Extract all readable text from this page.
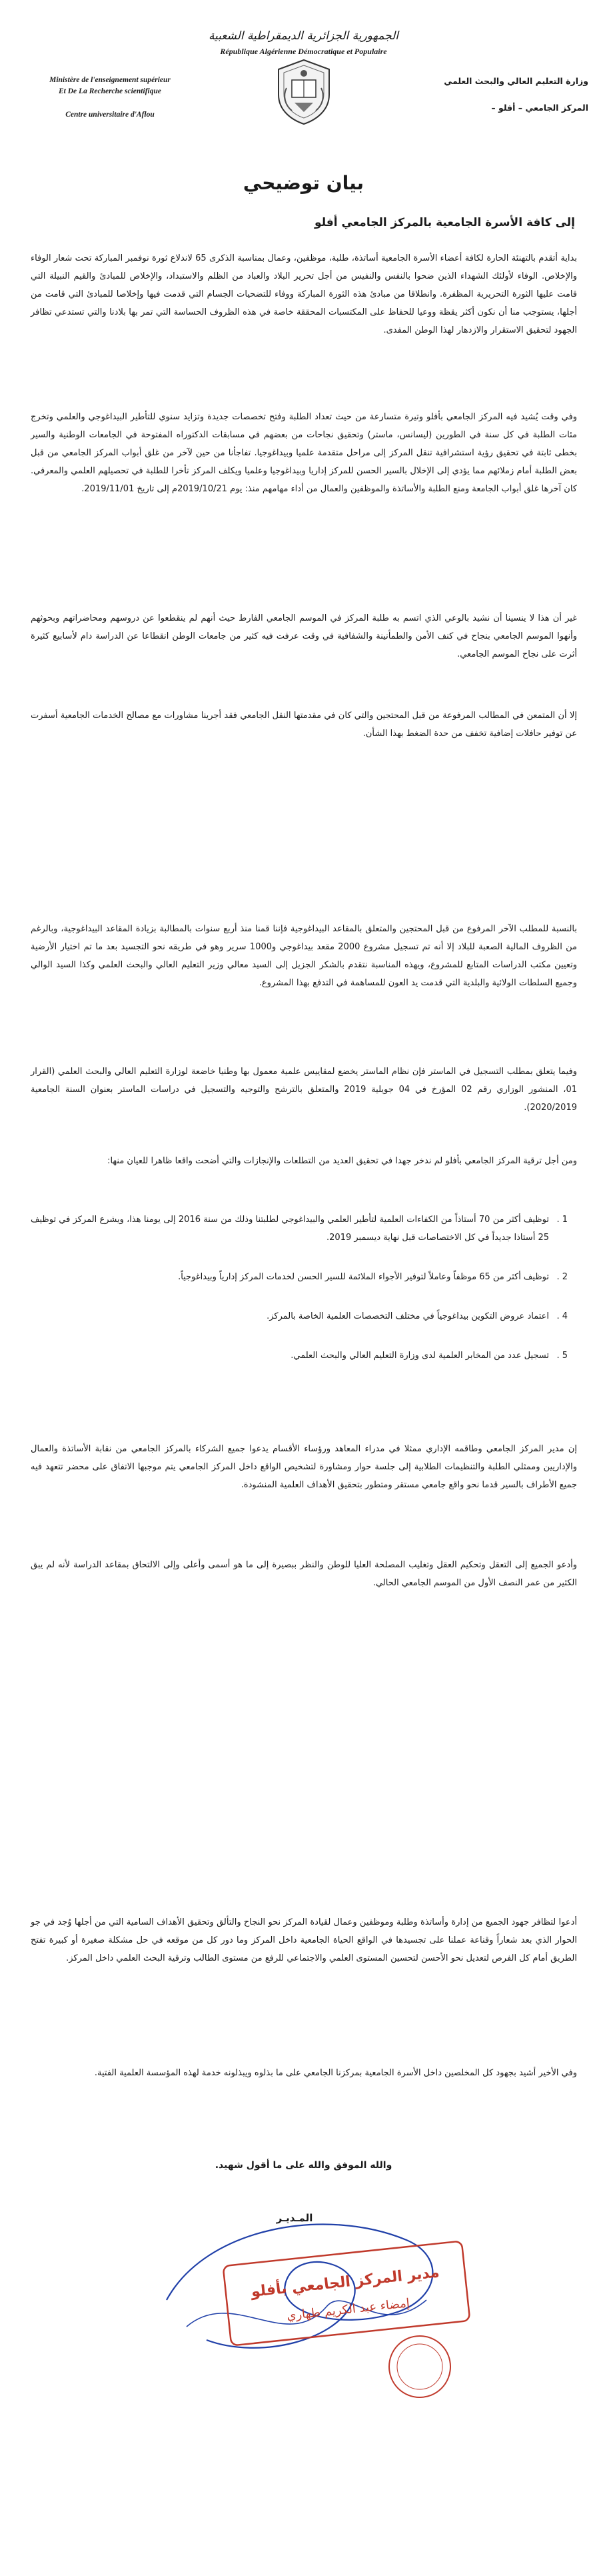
الجمهورية الجزائرية الديمقراطية الشعبية
République Algérienne Démocratique et Populaire
Ministère de l'enseignement supérieur
Et De La Recherche scientifique
Centre universitaire d'Aflou
وزارة التعليم العالي والبحث العلمي
المركز الجامعي – أفلو –
بيان توضيحي
إلى كافة الأسرة الجامعية بالمركز الجامعي أفلو
بداية أتقدم بالتهنئة الحارة لكافة أعضاء الأسرة الجامعية أساتذة، طلبة، موظفين، وعمال بمناسبة الذكرى 65 لاندلاع ثورة نوفمبر المباركة تحت شعار الوفاء والإخلاص. الوفاء لأولئك الشهداء الذين ضحوا بالنفس والنفيس من أجل تحرير البلاد والعباد من الظلم والاستبداد، والإخلاص للمبادئ والقيم النبيلة التي قامت عليها الثورة التحريرية المظفرة. وانطلاقا من مبادئ هذه الثورة المباركة ووفاء للتضحيات الجسام التي قدمت فيها وإخلاصا للمبادئ التي قامت من أجلها، يستوجب منا أن نكون أكثر يقظة ووعيا للحفاظ على المكتسبات المحققة خاصة في هذه الظروف الحساسة التي تمر بها بلادنا والتي تستدعي تظافر الجهود لتحقيق الاستقرار والازدهار لهذا الوطن المفدى.
وفي وقت يُشيد فيه المركز الجامعي بأفلو وتيرة متسارعة من حيث تعداد الطلبة وفتح تخصصات جديدة وتزايد سنوي للتأطير البيداغوجي والعلمي وتخرج مئات الطلبة في كل سنة في الطورين (ليسانس، ماستر) وتحقيق نجاحات من بعضهم في مسابقات الدكتوراه المفتوحة في الجامعات الوطنية والسير بخطى ثابتة في تحقيق رؤية استشرافية تنقل المركز إلى مراحل متقدمة علميا وبيداغوجيا. تفاجأنا من حين لآخر من غلق أبواب المركز الجامعي من قبل بعض الطلبة أمام زملائهم مما يؤدي إلى الإخلال بالسير الحسن للمركز إداريا وبيداغوجيا وعلميا ويكلف المركز تأخرا للطلبة في تحصيلهم العلمي والمعرفي. كان آخرها غلق أبواب الجامعة ومنع الطلبة والأساتذة والموظفين والعمال من أداء مهامهم منذ: يوم 2019/10/21م إلى تاريخ 2019/11/01.
غير أن هذا لا ينسينا أن نشيد بالوعي الذي اتسم به طلبة المركز في الموسم الجامعي الفارط حيث أنهم لم ينقطعوا عن دروسهم ومحاضراتهم وبحوثهم وأنهوا الموسم الجامعي بنجاح في كنف الأمن والطمأنينة والشفافية في وقت عرفت فيه كثير من جامعات الوطن انقطاعا عن الدراسة دام لأسابيع كثيرة أثرت على نجاح الموسم الجامعي.
إلا أن المتمعن في المطالب المرفوعة من قبل المحتجين والتي كان في مقدمتها النقل الجامعي فقد أجرينا مشاورات مع مصالح الخدمات الجامعية أسفرت عن توفير حافلات إضافية تخفف من حدة الضغط بهذا الشأن.
بالنسبة للمطلب الآخر المرفوع من قبل المحتجين والمتعلق بالمقاعد البيداغوجية فإننا قمنا منذ أربع سنوات بالمطالبة بزيادة المقاعد البيداغوجية، وبالرغم من الظروف المالية الصعبة للبلاد إلا أنه تم تسجيل مشروع 2000 مقعد بيداغوجي و1000 سرير وهو في طريقه نحو التجسيد بعد ما تم اختيار الأرضية وتعيين مكتب الدراسات المتابع للمشروع، ويهذه المناسبة نتقدم بالشكر الجزيل إلى السيد معالي وزير التعليم العالي والبحث العلمي وكذا السيد الوالي وجميع السلطات الولائية والبلدية التي قدمت يد العون للمساهمة في التدفع بهذا المشروع.
وفيما يتعلق بمطلب التسجيل في الماستر فإن نظام الماستر يخضع لمقاييس علمية معمول بها وطنيا خاضعة لوزارة التعليم العالي والبحث العلمي (القرار 01، المنشور الوزاري رقم 02 المؤرخ في 04 جويلية 2019 والمتعلق بالترشح والتوجيه والتسجيل في دراسات الماستر بعنوان السنة الجامعية 2020/2019).
ومن أجل ترقية المركز الجامعي بأفلو لم ندخر جهدا في تحقيق العديد من التطلعات والإنجازات والتي أضحت واقعا ظاهرا للعيان منها:
1 .
توظيف أكثر من 70 أستاذاً من الكفاءات العلمية لتأطير العلمي والبيداغوجي لطلبتنا وذلك من سنة 2016 إلى يومنا هذا، ويشرع المركز في توظيف 25 أستاذا جديداً في كل الاختصاصات قبل نهاية ديسمبر 2019.
2 .
توظيف أكثر من 65 موظفاً وعاملاً لتوفير الأجواء الملائمة للسير الحسن لخدمات المركز إدارياً وبيداغوجياً.
4 .
اعتماد عروض التكوين بيداغوجياً في مختلف التخصصات العلمية الخاصة بالمركز.
5 .
تسجيل عدد من المخابر العلمية لدى وزارة التعليم العالي والبحث العلمي.
إن مدير المركز الجامعي وطاقمه الإداري ممثلا في مدراء المعاهد ورؤساء الأقسام يدعوا جميع الشركاء بالمركز الجامعي من نقابة الأساتذة والعمال والإداريين وممثلي الطلبة والتنظيمات الطلابية إلى جلسة حوار ومشاورة لتشخيص الواقع داخل المركز الجامعي يتم موجبها الاتفاق على محضر تتعهد فيه جميع الأطراف بالسير قدما نحو واقع جامعي مستقر ومتطور بتحقيق الأهداف العلمية المنشودة.
وأدعو الجميع إلى التعقل وتحكيم العقل وتغليب المصلحة العليا للوطن والنظر ببصيرة إلى ما هو أسمى وأعلى وإلى الالتحاق بمقاعد الدراسة لأنه لم يبق الكثير من عمر النصف الأول من الموسم الجامعي الحالي.
أدعوا لتظافر جهود الجميع من إدارة وأساتذة وطلبة وموظفين وعمال لقيادة المركز نحو النجاح والتألق وتحقيق الأهداف السامية التي من أجلها وُجد في جو الحوار الذي بعد شعاراً وقناعة عملنا على تجسيدها في الواقع الحياة الجامعية داخل المركز وما دور كل من موقعه في حل مشكلة صغيرة أو كبيرة تفتح الطريق أمام كل الفرص لتعديل نحو الأحسن لتحسين المستوى العلمي والاجتماعي للرفع من مستوى الطالب وترقية البحث العلمي داخل المركز.
وفي الأخير أشيد بجهود كل المخلصين داخل الأسرة الجامعية بمركزنا الجامعي على ما بذلوه ويبذلونه خدمة لهذه المؤسسة العلمية الفتية.
والله الموفق والله على ما أقول شهيد.
مدير المركز الجامعي بأفلو
إمضاء عبد الكريم طهاري
المـديـر
